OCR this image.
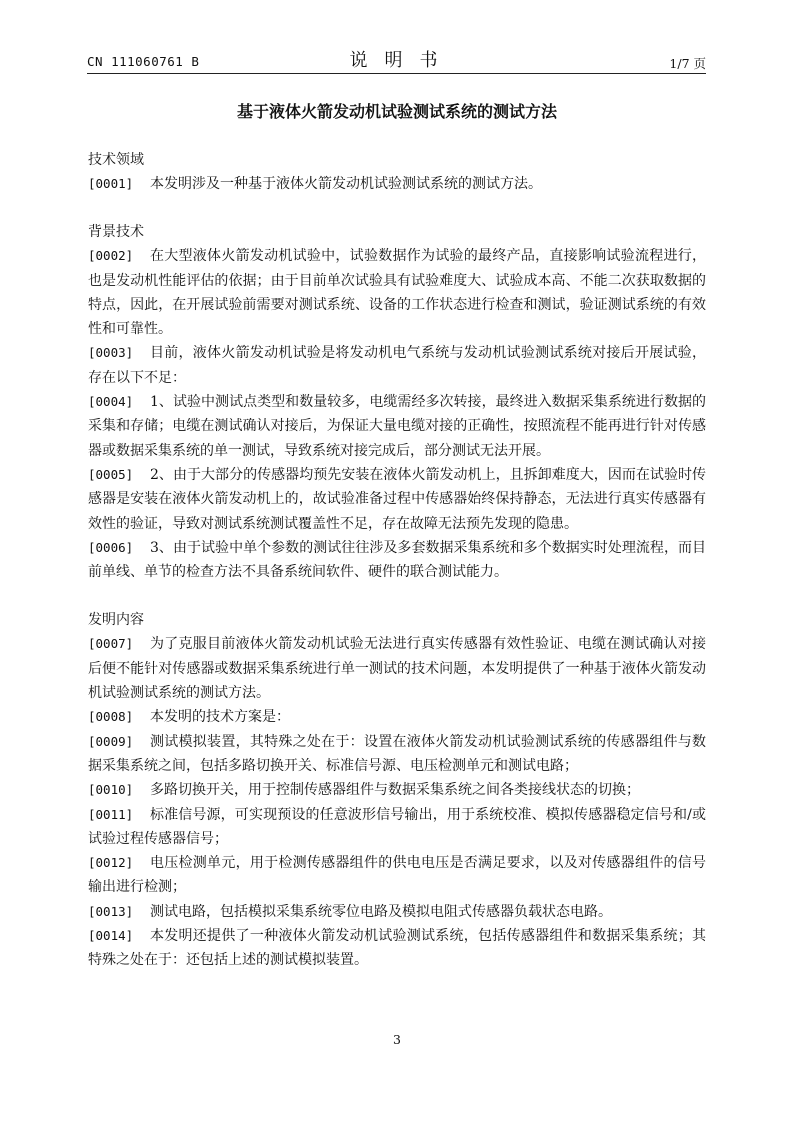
CN 111060761 B	说明书	1/7 页
基于液体火箭发动机试验测试系统的测试方法
技术领域
[0001] 本发明涉及一种基于液体火箭发动机试验测试系统的测试方法。
背景技术
[0002] 在大型液体火箭发动机试验中，试验数据作为试验的最终产品，直接影响试验流程进行，也是发动机性能评估的依据；由于目前单次试验具有试验难度大、试验成本高、不能二次获取数据的特点，因此，在开展试验前需要对测试系统、设备的工作状态进行检查和测试，验证测试系统的有效性和可靠性。
[0003] 目前，液体火箭发动机试验是将发动机电气系统与发动机试验测试系统对接后开展试验，存在以下不足：
[0004] 1、试验中测试点类型和数量较多，电缆需经多次转接，最终进入数据采集系统进行数据的采集和存储；电缆在测试确认对接后，为保证大量电缆对接的正确性，按照流程不能再进行针对传感器或数据采集系统的单一测试，导致系统对接完成后，部分测试无法开展。
[0005] 2、由于大部分的传感器均预先安装在液体火箭发动机上，且拆卸难度大，因而在试验时传感器是安装在液体火箭发动机上的，故试验准备过程中传感器始终保持静态，无法进行真实传感器有效性的验证，导致对测试系统测试覆盖性不足，存在故障无法预先发现的隐患。
[0006] 3、由于试验中单个参数的测试往往涉及多套数据采集系统和多个数据实时处理流程，而目前单线、单节的检查方法不具备系统间软件、硬件的联合测试能力。
发明内容
[0007] 为了克服目前液体火箭发动机试验无法进行真实传感器有效性验证、电缆在测试确认对接后便不能针对传感器或数据采集系统进行单一测试的技术问题，本发明提供了一种基于液体火箭发动机试验测试系统的测试方法。
[0008] 本发明的技术方案是：
[0009] 测试模拟装置，其特殊之处在于：设置在液体火箭发动机试验测试系统的传感器组件与数据采集系统之间，包括多路切换开关、标准信号源、电压检测单元和测试电路；
[0010] 多路切换开关，用于控制传感器组件与数据采集系统之间各类接线状态的切换；
[0011] 标准信号源，可实现预设的任意波形信号输出，用于系统校准、模拟传感器稳定信号和/或试验过程传感器信号；
[0012] 电压检测单元，用于检测传感器组件的供电电压是否满足要求，以及对传感器组件的信号输出进行检测；
[0013] 测试电路，包括模拟采集系统零位电路及模拟电阻式传感器负载状态电路。
[0014] 本发明还提供了一种液体火箭发动机试验测试系统，包括传感器组件和数据采集系统；其特殊之处在于：还包括上述的测试模拟装置。
3
